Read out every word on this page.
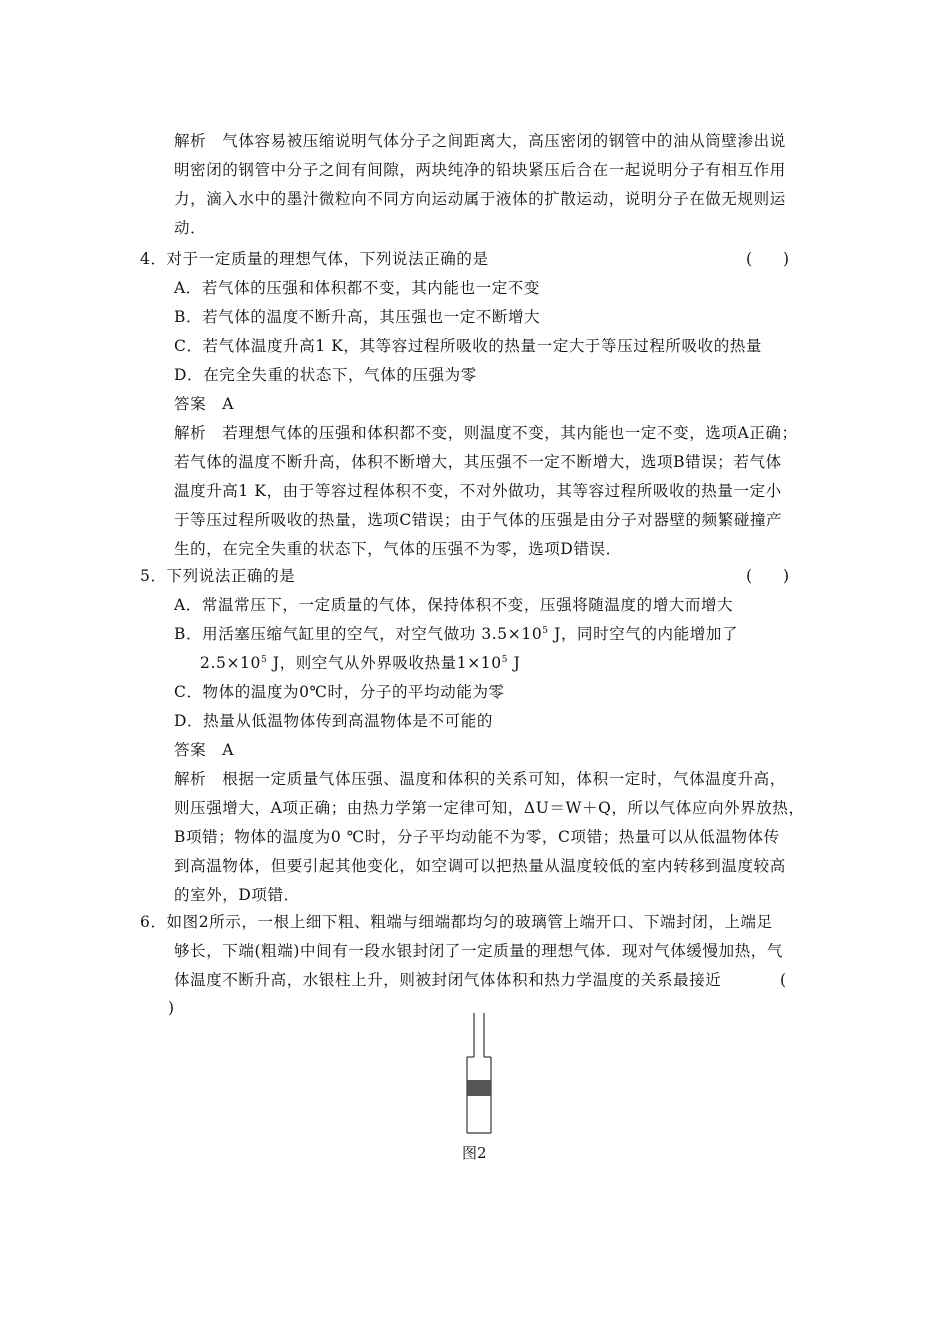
解析　气体容易被压缩说明气体分子之间距离大，高压密闭的钢管中的油从筒壁渗出说
明密闭的钢管中分子之间有间隙，两块纯净的铅块紧压后合在一起说明分子有相互作用
力，滴入水中的墨汁微粒向不同方向运动属于液体的扩散运动，说明分子在做无规则运
动．
4．对于一定质量的理想气体，下列说法正确的是	(　　)
A．若气体的压强和体积都不变，其内能也一定不变
B．若气体的温度不断升高，其压强也一定不断增大
C．若气体温度升高1 K，其等容过程所吸收的热量一定大于等压过程所吸收的热量
D．在完全失重的状态下，气体的压强为零
答案　A
解析　若理想气体的压强和体积都不变，则温度不变，其内能也一定不变，选项A正确；
若气体的温度不断升高，体积不断增大，其压强不一定不断增大，选项B错误；若气体
温度升高1 K，由于等容过程体积不变，不对外做功，其等容过程所吸收的热量一定小
于等压过程所吸收的热量，选项C错误；由于气体的压强是由分子对器壁的频繁碰撞产
生的，在完全失重的状态下，气体的压强不为零，选项D错误．
5．下列说法正确的是	(　　)
A．常温常压下，一定质量的气体，保持体积不变，压强将随温度的增大而增大
B．用活塞压缩气缸里的空气，对空气做功 $3.5\times 10^5$ J，同时空气的内能增加了
$2.5\times 10^5$ J，则空气从外界吸收热量$1\times 10^5$ J
C．物体的温度为0℃时，分子的平均动能为零
D．热量从低温物体传到高温物体是不可能的
答案　A
解析　根据一定质量气体压强、温度和体积的关系可知，体积一定时，气体温度升高，
则压强增大，A项正确；由热力学第一定律可知，ΔU＝W＋Q，所以气体应向外界放热，
B项错；物体的温度为0 ℃时，分子平均动能不为零，C项错；热量可以从低温物体传
到高温物体，但要引起其他变化，如空调可以把热量从温度较低的室内转移到温度较高
的室外，D项错．
6．如图2所示，一根上细下粗、粗端与细端都均匀的玻璃管上端开口、下端封闭，上端足
够长，下端(粗端)中间有一段水银封闭了一定质量的理想气体．现对气体缓慢加热，气
体温度不断升高，水银柱上升，则被封闭气体体积和热力学温度的关系最接近	(
)
图2
